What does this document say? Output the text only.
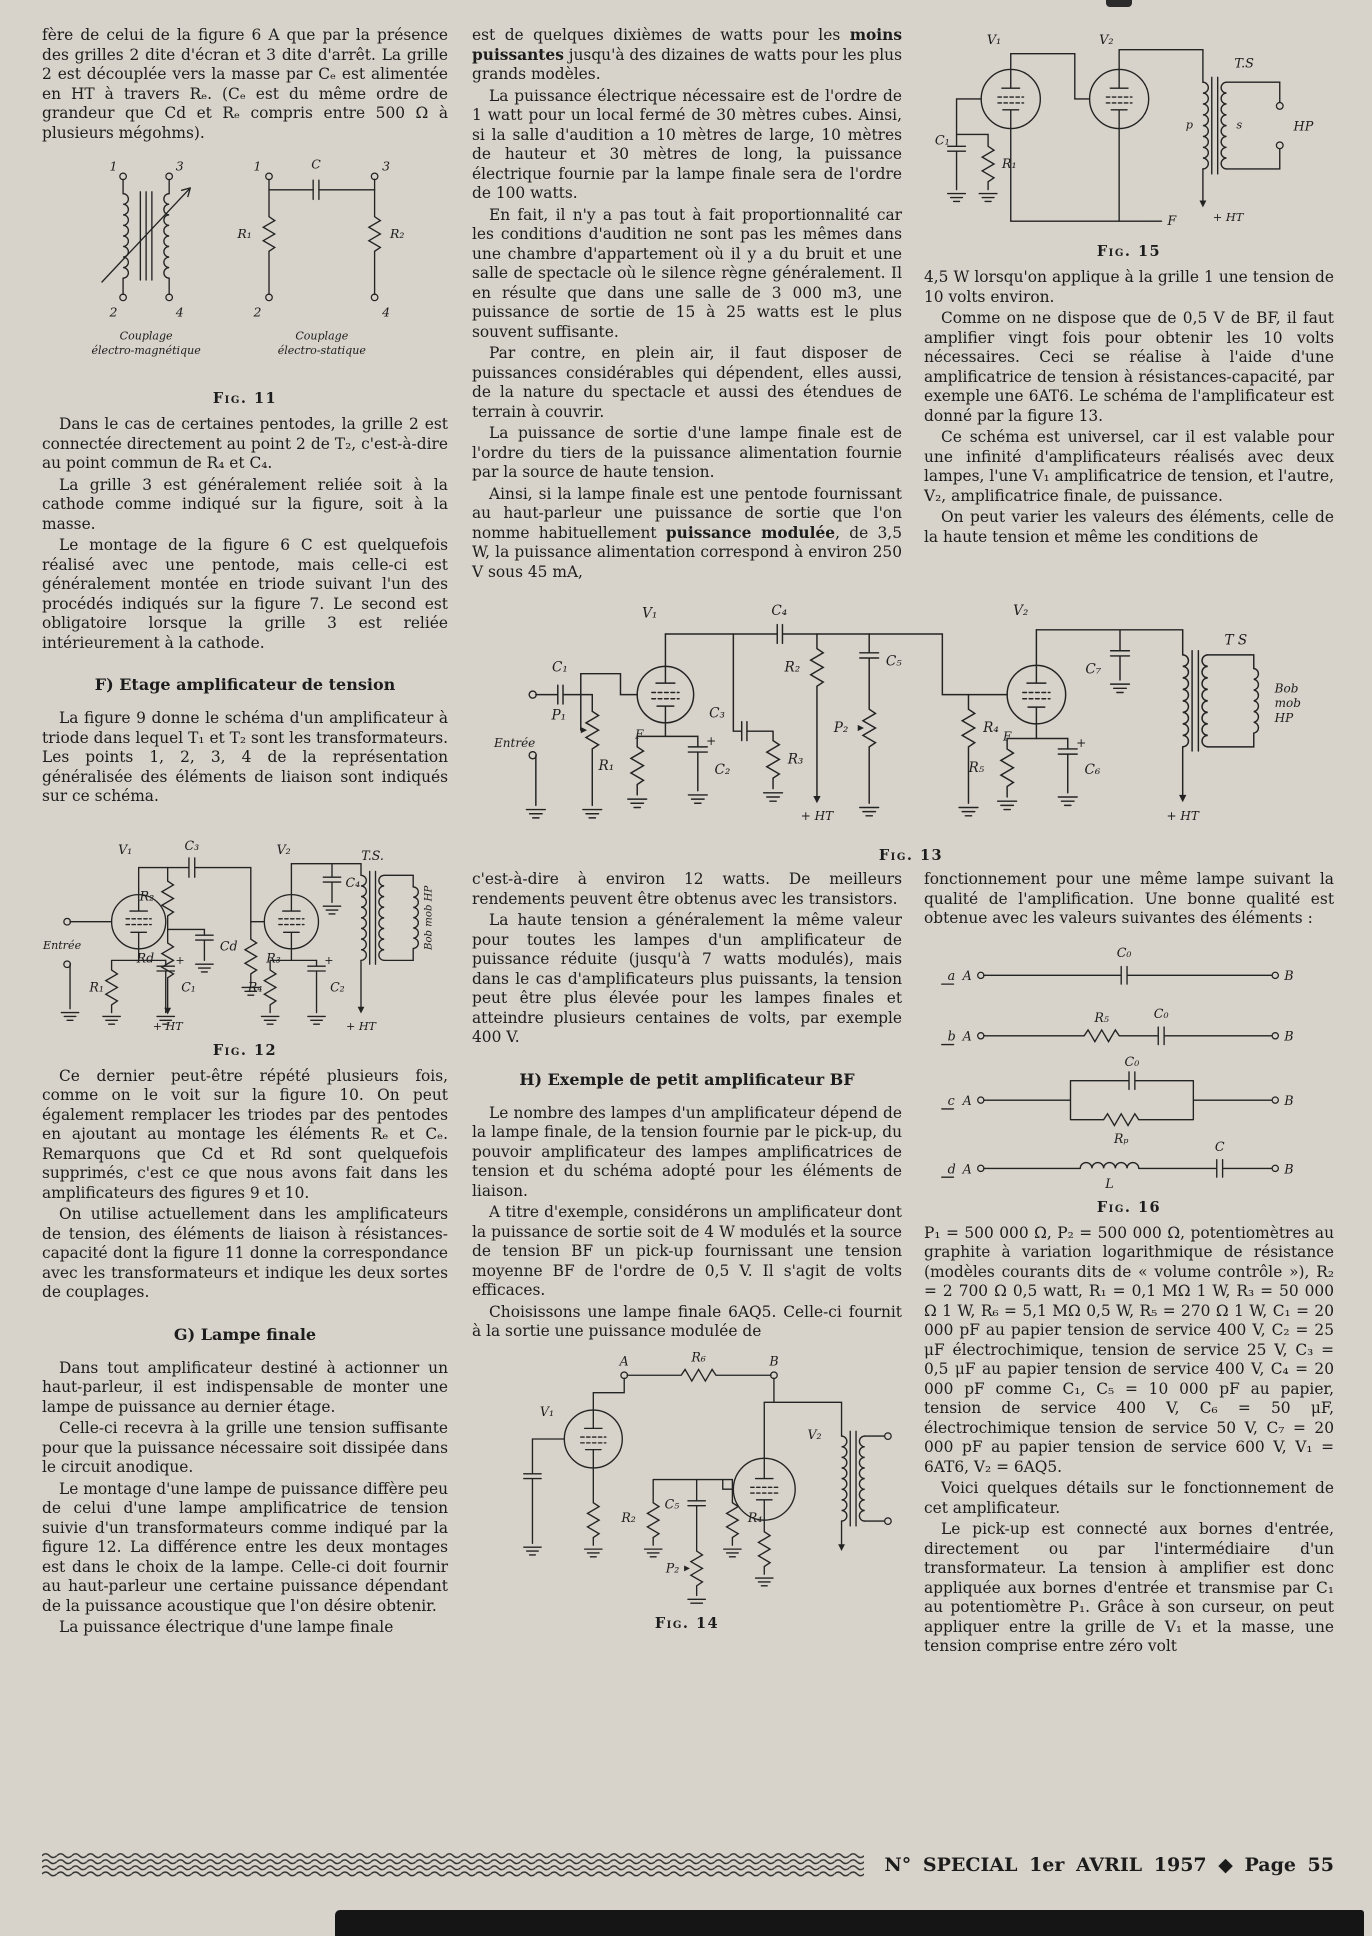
fère de celui de la figure 6 A que par la présence des grilles 2 dite d'écran et 3 dite d'arrêt. La grille 2 est découplée vers la masse par Cₑ est alimentée en HT à travers Rₑ. (Cₑ est du même ordre de grandeur que Cd et Rₑ compris entre 500 Ω à plusieurs mégohms).

1	3
2	4
Couplage
électro-magnétique
C
R₁	R₂
1	3
2	4
Couplage
électro-statique
Fig. 11

Dans le cas de certaines pentodes, la grille 2 est connectée directement au point 2 de T₂, c'est-à-dire au point commun de R₄ et C₄.

La grille 3 est généralement reliée soit à la cathode comme indiqué sur la figure, soit à la masse.

Le montage de la figure 6 C est quelquefois réalisé avec une pentode, mais celle-ci est généralement montée en triode suivant l'un des procédés indiqués sur la figure 7. Le second est obligatoire lorsque la grille 3 est reliée intérieurement à la cathode.

F) Etage amplificateur de tension

La figure 9 donne le schéma d'un amplificateur à triode dans lequel T₁ et T₂ sont les transformateurs. Les points 1, 2, 3, 4 de la représentation généralisée des éléments de liaison sont indiqués sur ce schéma.

Entrée
V₁	C₃
R₂
Rd
+ HT
Cd
R₃
R₁	C₁
+
V₂
R₄	C₂
+
C₄
T.S.
+ HT
Bob mob HP
Fig. 12

Ce dernier peut-être répété plusieurs fois, comme on le voit sur la figure 10. On peut également remplacer les triodes par des pentodes en ajoutant au montage les éléments Rₑ et Cₑ. Remarquons que Cd et Rd sont quelquefois supprimés, c'est ce que nous avons fait dans les amplificateurs des figures 9 et 10.

On utilise actuellement dans les amplificateurs de tension, des éléments de liaison à résistances-capacité dont la figure 11 donne la correspondance avec les transformateurs et indique les deux sortes de couplages.

G) Lampe finale

Dans tout amplificateur destiné à actionner un haut-parleur, il est indispensable de monter une lampe de puissance au dernier étage.

Celle-ci recevra à la grille une tension suffisante pour que la puissance nécessaire soit dissipée dans le circuit anodique.

Le montage d'une lampe de puissance diffère peu de celui d'une lampe amplificatrice de tension suivie d'un transformateurs comme indiqué par la figure 12. La différence entre les deux montages est dans le choix de la lampe. Celle-ci doit fournir au haut-parleur une certaine puissance dépendant de la puissance acoustique que l'on désire obtenir.

La puissance électrique d'une lampe finale

est de quelques dixièmes de watts pour les moins puissantes jusqu'à des dizaines de watts pour les plus grands modèles.

La puissance électrique nécessaire est de l'ordre de 1 watt pour un local fermé de 30 mètres cubes. Ainsi, si la salle d'audition a 10 mètres de large, 10 mètres de hauteur et 30 mètres de long, la puissance électrique fournie par la lampe finale sera de l'ordre de 100 watts.

En fait, il n'y a pas tout à fait proportionnalité car les conditions d'audition ne sont pas les mêmes dans une chambre d'appartement où il y a du bruit et une salle de spectacle où le silence règne généralement. Il en résulte que dans une salle de 3 000 m3, une puissance de sortie de 15 à 25 watts est le plus souvent suffisante.

Par contre, en plein air, il faut disposer de puissances considérables qui dépendent, elles aussi, de la nature du spectacle et aussi des étendues de terrain à couvrir.

La puissance de sortie d'une lampe finale est de l'ordre du tiers de la puissance alimentation fournie par la source de haute tension.

Ainsi, si la lampe finale est une pentode fournissant au haut-parleur une puissance de sortie que l'on nomme habituellement puissance modulée, de 3,5 W, la puissance alimentation correspond à environ 250 V sous 45 mA,

V₁	V₂
C₁
R₁
T.S
p	s
+ HT
HP
F
Fig. 15

4,5 W lorsqu'on applique à la grille 1 une tension de 10 volts environ.

Comme on ne dispose que de 0,5 V de BF, il faut amplifier vingt fois pour obtenir les 10 volts nécessaires. Ceci se réalise à l'aide d'une amplificatrice de tension à résistances-capacité, par exemple une 6AT6. Le schéma de l'amplificateur est donné par la figure 13.

Ce schéma est universel, car il est valable pour une infinité d'amplificateurs réalisés avec deux lampes, l'une V₁ amplificatrice de tension, et l'autre, V₂, amplificatrice finale, de puissance.

On peut varier les valeurs des éléments, celle de la haute tension et même les conditions de

Entrée
C₁
P₁
V₁
F
R₁	C₂
+
C₄
C₃
R₃
R₂
+ HT
C₅
P₂	R₄
V₂
F
R₅	C₆
+
C₇
T S
+ HT
Bob
mob
HP
Fig. 13

c'est-à-dire à environ 12 watts. De meilleurs rendements peuvent être obtenus avec les transistors.

La haute tension a généralement la même valeur pour toutes les lampes d'un amplificateur de puissance réduite (jusqu'à 7 watts modulés), mais dans le cas d'amplificateurs plus puissants, la tension peut être plus élevée pour les lampes finales et atteindre plusieurs centaines de volts, par exemple 400 V.

H) Exemple de petit amplificateur BF

Le nombre des lampes d'un amplificateur dépend de la lampe finale, de la tension fournie par le pick-up, du pouvoir amplificateur des lampes amplificatrices de tension et du schéma adopté pour les éléments de liaison.

A titre d'exemple, considérons un amplificateur dont la puissance de sortie soit de 4 W modulés et la source de tension BF un pick-up fournissant une tension moyenne BF de l'ordre de 0,5 V. Il s'agit de volts efficaces.

Choisissons une lampe finale 6AQ5. Celle-ci fournit à la sortie une puissance modulée de

A	B
R₆
V₁
R₂
C₅
R₄
P₂
V₂
Fig. 14

fonctionnement pour une même lampe suivant la qualité de l'amplification. Une bonne qualité est obtenue avec les valeurs suivantes des éléments :

a A	B
C₀
b A	B
R₅	C₀
c A	B
C₀
Rₚ
d A	B
L
C
Fig. 16

P₁ = 500 000 Ω, P₂ = 500 000 Ω, potentiomètres au graphite à variation logarithmique de résistance (modèles courants dits de « volume contrôle »), R₂ = 2 700 Ω 0,5 watt, R₁ = 0,1 MΩ 1 W, R₃ = 50 000 Ω 1 W, R₆ = 5,1 MΩ 0,5 W, R₅ = 270 Ω 1 W, C₁ = 20 000 pF au papier tension de service 400 V, C₂ = 25 μF électrochimique, tension de service 25 V, C₃ = 0,5 μF au papier tension de service 400 V, C₄ = 20 000 pF comme C₁, C₅ = 10 000 pF au papier, tension de service 400 V, C₆ = 50 μF, électrochimique tension de service 50 V, C₇ = 20 000 pF au papier tension de service 600 V, V₁ = 6AT6, V₂ = 6AQ5.

Voici quelques détails sur le fonctionnement de cet amplificateur.

Le pick-up est connecté aux bornes d'entrée, directement ou par l'intermédiaire d'un transformateur. La tension à amplifier est donc appliquée aux bornes d'entrée et transmise par C₁ au potentiomètre P₁. Grâce à son curseur, on peut appliquer entre la grille de V₁ et la masse, une tension comprise entre zéro volt

N° SPECIAL 1er AVRIL 1957 ◆ Page 55
